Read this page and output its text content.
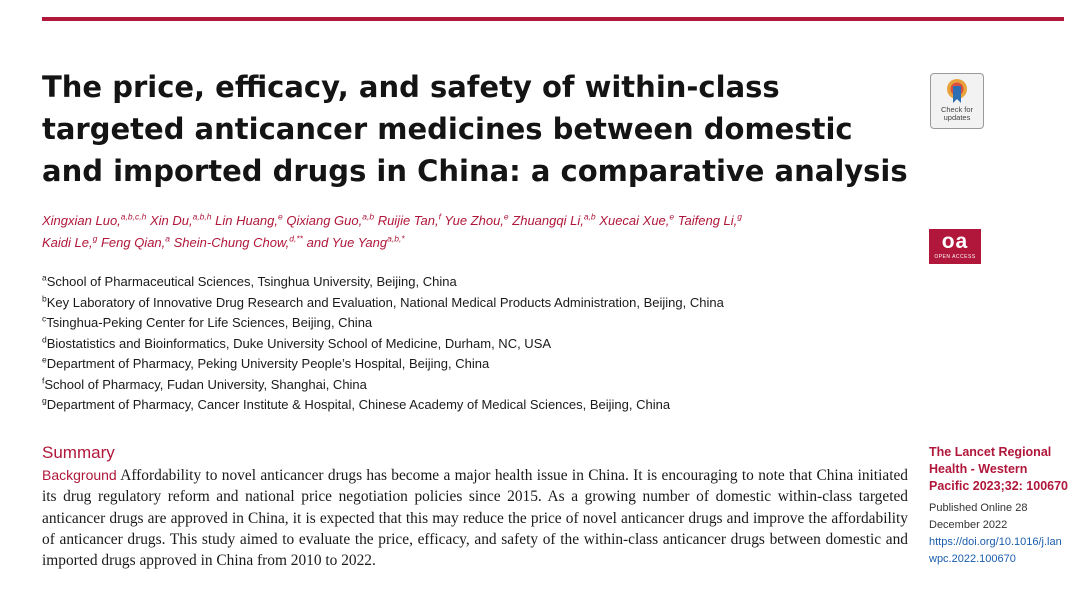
The price, efficacy, and safety of within-class targeted anticancer medicines between domestic and imported drugs in China: a comparative analysis
Check for updates

Xingxian Luo,$^{a,b,c,h}$ Xin Du,$^{a,b,h}$ Lin Huang,$^e$ Qixiang Guo,$^{a,b}$ Ruijie Tan,$^f$ Yue Zhou,$^e$ Zhuangqi Li,$^{a,b}$ Xuecai Xue,$^e$ Taifeng Li,$^g$
Kaidi Le,$^g$ Feng Qian,$^a$ Shein-Chung Chow,$^{d,**}$ and Yue Yang$^{a,b,*}$	oa
OPEN ACCESS
$^a$School of Pharmaceutical Sciences, Tsinghua University, Beijing, China
$^b$Key Laboratory of Innovative Drug Research and Evaluation, National Medical Products Administration, Beijing, China
$^c$Tsinghua-Peking Center for Life Sciences, Beijing, China
$^d$Biostatistics and Bioinformatics, Duke University School of Medicine, Durham, NC, USA
$^e$Department of Pharmacy, Peking University People’s Hospital, Beijing, China
$^f$School of Pharmacy, Fudan University, Shanghai, China
$^g$Department of Pharmacy, Cancer Institute & Hospital, Chinese Academy of Medical Sciences, Beijing, China
Summary

Background Affordability to novel anticancer drugs has become a major health issue in China. It is encouraging to note that China initiated its drug regulatory reform and national price negotiation policies since 2015. As a growing number of domestic within-class targeted anticancer drugs are approved in China, it is expected that this may reduce the price of novel anticancer drugs and improve the affordability of anticancer drugs. This study aimed to evaluate the price, efficacy, and safety of the within-class anticancer drugs between domestic and imported drugs approved in China from 2010 to 2022.

The Lancet Regional Health - Western Pacific 2023;32: 100670
Published Online 28 December 2022
https://doi.org/10.1016/j.lanwpc.2022.100670
